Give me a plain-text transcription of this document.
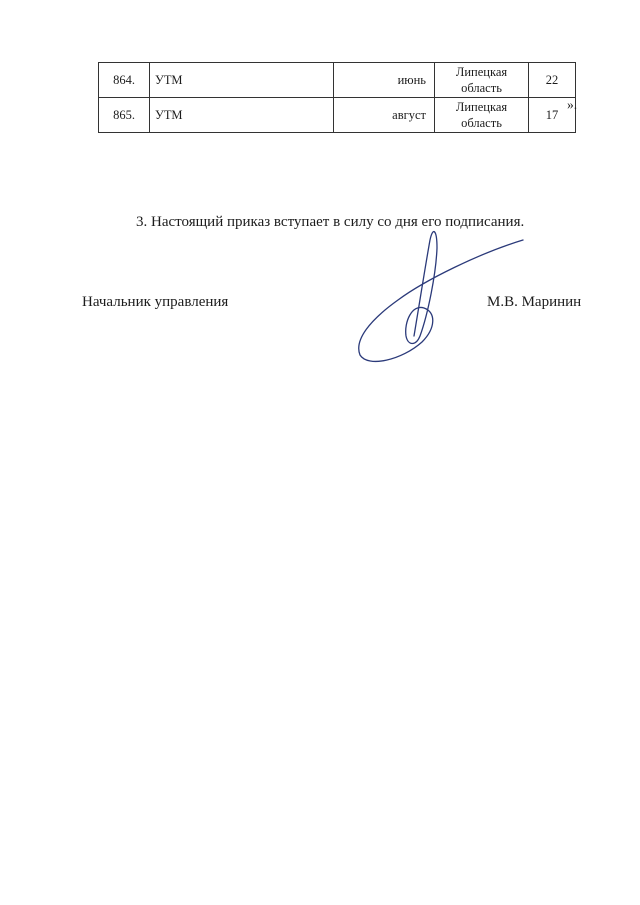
864.	УТМ	июнь	Липецкая
область	22
865.	УТМ	август	Липецкая
область	17
».
3. Настоящий приказ вступает в силу со дня его подписания.
Начальник управления	М.В. Маринин
